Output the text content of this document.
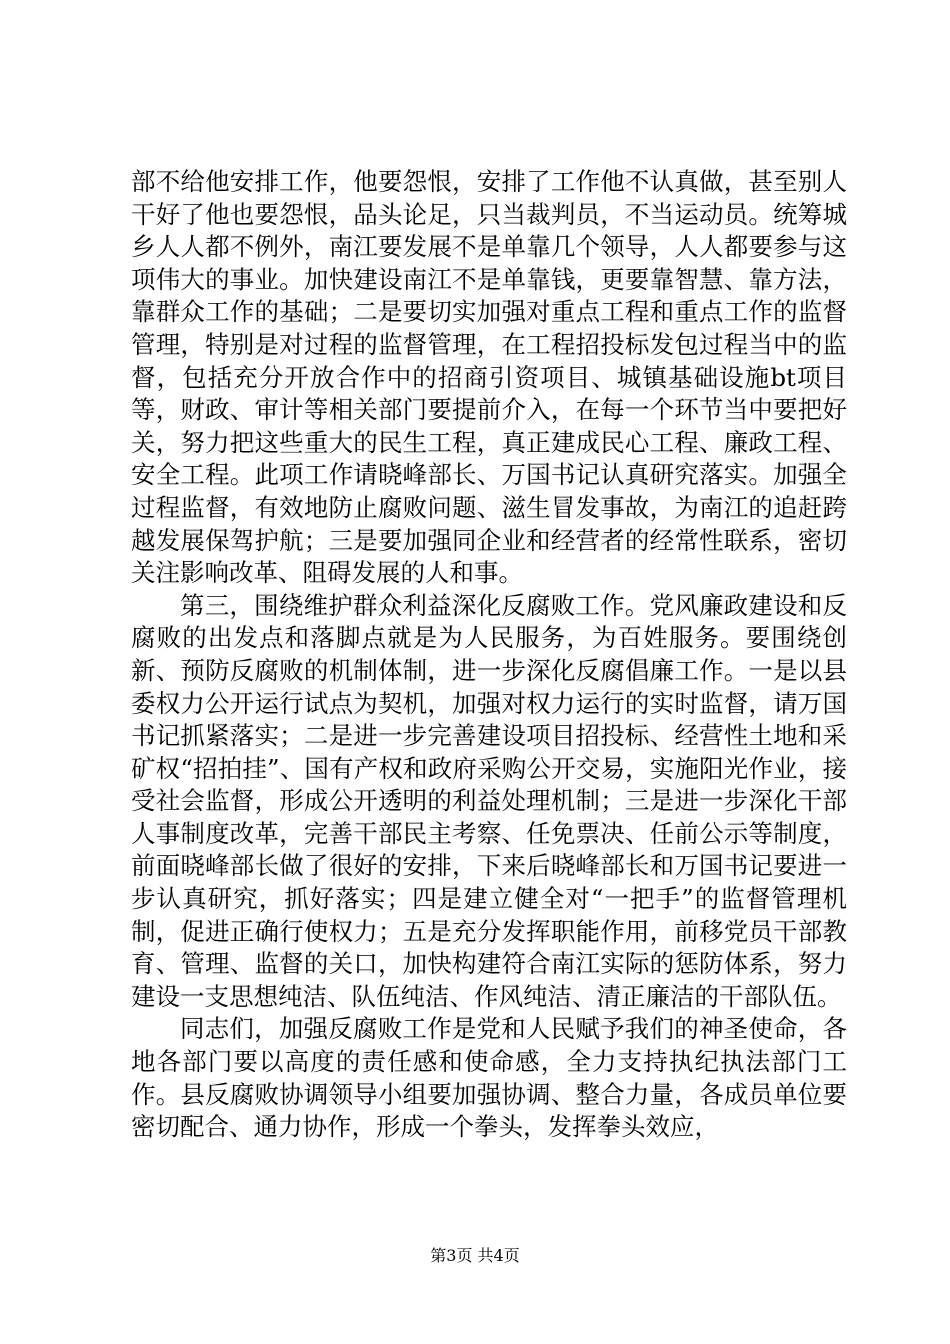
部不给他安排工作，他要怨恨，安排了工作他不认真做，甚至别人干好了他也要怨恨，品头论足，只当裁判员，不当运动员。统筹城乡人人都不例外，南江要发展不是单靠几个领导，人人都要参与这项伟大的事业。加快建设南江不是单靠钱，更要靠智慧、靠方法，靠群众工作的基础；二是要切实加强对重点工程和重点工作的监督管理，特别是对过程的监督管理，在工程招投标发包过程当中的监督，包括充分开放合作中的招商引资项目、城镇基础设施bt项目等，财政、审计等相关部门要提前介入，在每一个环节当中要把好关，努力把这些重大的民生工程，真正建成民心工程、廉政工程、安全工程。此项工作请晓峰部长、万国书记认真研究落实。加强全过程监督，有效地防止腐败问题、滋生冒发事故，为南江的追赶跨越发展保驾护航；三是要加强同企业和经营者的经常性联系，密切关注影响改革、阻碍发展的人和事。

第三，围绕维护群众利益深化反腐败工作。党风廉政建设和反腐败的出发点和落脚点就是为人民服务，为百姓服务。要围绕创新、预防反腐败的机制体制，进一步深化反腐倡廉工作。一是以县委权力公开运行试点为契机，加强对权力运行的实时监督，请万国书记抓紧落实；二是进一步完善建设项目招投标、经营性土地和采矿权“招拍挂”、国有产权和政府采购公开交易，实施阳光作业，接受社会监督，形成公开透明的利益处理机制；三是进一步深化干部人事制度改革，完善干部民主考察、任免票决、任前公示等制度，前面晓峰部长做了很好的安排，下来后晓峰部长和万国书记要进一步认真研究，抓好落实；四是建立健全对“一把手”的监督管理机制，促进正确行使权力；五是充分发挥职能作用，前移党员干部教育、管理、监督的关口，加快构建符合南江实际的惩防体系，努力建设一支思想纯洁、队伍纯洁、作风纯洁、清正廉洁的干部队伍。

同志们，加强反腐败工作是党和人民赋予我们的神圣使命，各地各部门要以高度的责任感和使命感，全力支持执纪执法部门工作。县反腐败协调领导小组要加强协调、整合力量，各成员单位要密切配合、通力协作，形成一个拳头，发挥拳头效应，

第3页 共4页
